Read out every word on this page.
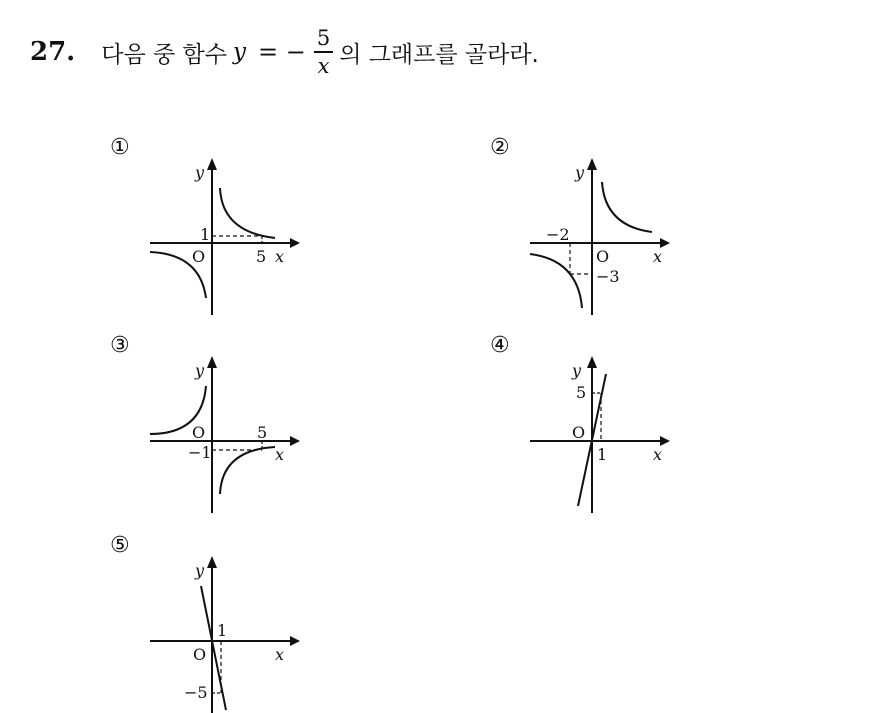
27. 다음 중 함수 y = − $\frac{5}{x}$ 의 그래프를 골라라.
①
y
x
O
1
5
②
y
x
O
−2
−3
③
y
x
O	5
−1
④
y
x
O
5
1
⑤
y
x
O
1
−5
